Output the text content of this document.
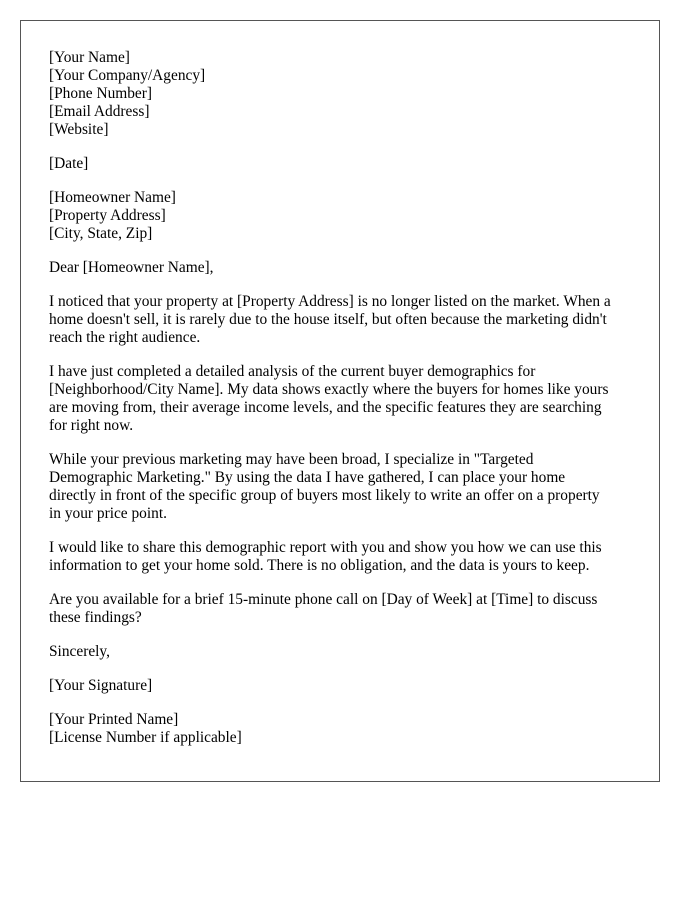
[Your Name]
[Your Company/Agency]
[Phone Number]
[Email Address]
[Website]
[Date]
[Homeowner Name]
[Property Address]
[City, State, Zip]
Dear [Homeowner Name],
I noticed that your property at [Property Address] is no longer listed on the market. When a
home doesn't sell, it is rarely due to the house itself, but often because the marketing didn't
reach the right audience.
I have just completed a detailed analysis of the current buyer demographics for
[Neighborhood/City Name]. My data shows exactly where the buyers for homes like yours
are moving from, their average income levels, and the specific features they are searching
for right now.
While your previous marketing may have been broad, I specialize in "Targeted
Demographic Marketing." By using the data I have gathered, I can place your home
directly in front of the specific group of buyers most likely to write an offer on a property
in your price point.
I would like to share this demographic report with you and show you how we can use this
information to get your home sold. There is no obligation, and the data is yours to keep.
Are you available for a brief 15-minute phone call on [Day of Week] at [Time] to discuss
these findings?
Sincerely,
[Your Signature]
[Your Printed Name]
[License Number if applicable]
